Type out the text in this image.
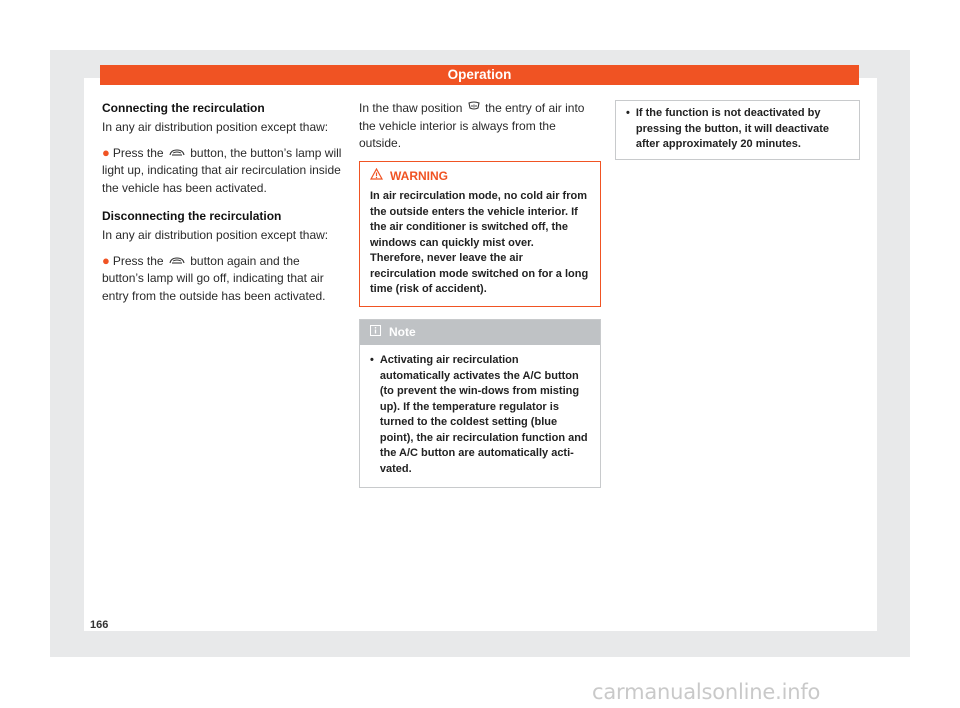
Operation
Connecting the recirculation

In any air distribution position except thaw:

● Press the button, the button’s lamp will light up, indicating that air recirculation inside the vehicle has been activated.

Disconnecting the recirculation

In any air distribution position except thaw:

● Press the button again and the button’s lamp will go off, indicating that air entry from the outside has been activated.

In the thaw position the entry of air into the vehicle interior is always from the outside.

WARNING
In air recirculation mode, no cold air from the outside enters the vehicle interior. If the air conditioner is switched off, the windows can quickly mist over. Therefore, never leave the air recirculation mode switched on for a long time (risk of accident).
Note
• Activating air recirculation automatically activates the A/C button (to prevent the win-dows from misting up). If the temperature regulator is turned to the coldest setting (blue point), the air recirculation function and the A/C button are automatically acti-vated.
• If the function is not deactivated by pressing the button, it will deactivate after approximately 20 minutes.
166
carmanualsonline.info
